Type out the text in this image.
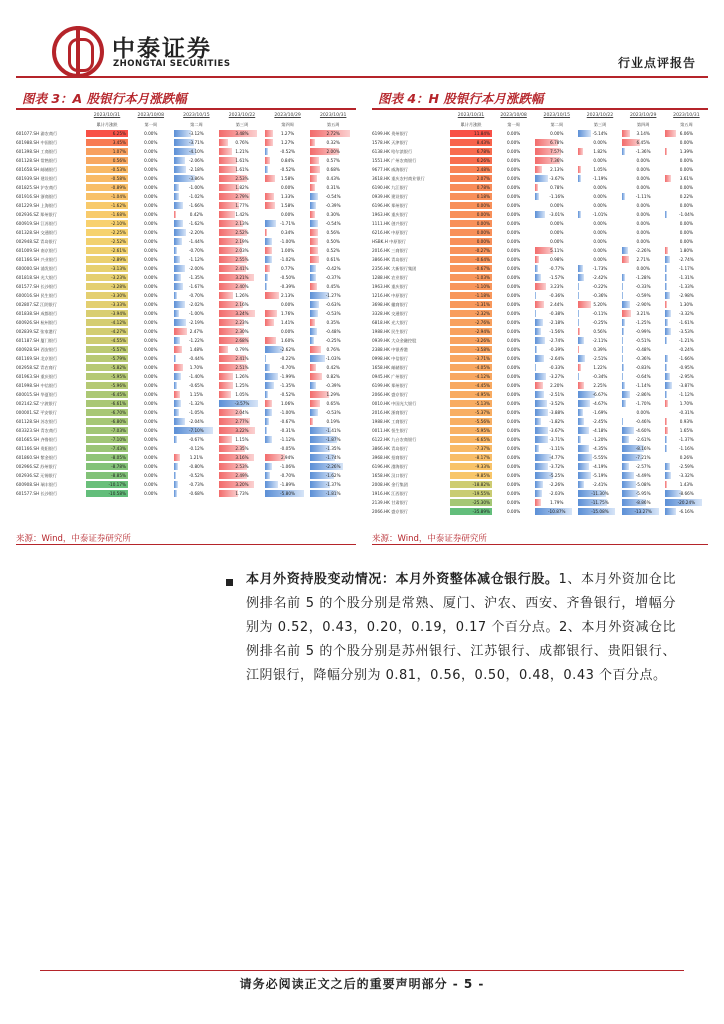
中泰证券
ZHONGTAI SECURITIES	行业点评报告
图表 3：A 股银行本月涨跌幅
2023/10/31	2023/10/08	2023/10/15	2023/10/22	2023/10/29	2023/10/31
累计月涨跌	第一周	第二周	第三周	第四周	第五周
601077.SH 渝农商行	6.25%	0.00%	-3.12%	3.48%	1.27%	2.72%
601988.SH 中国银行	3.45%	0.00%	-3.71%	0.76%	1.27%	0.32%
601398.SH 工商银行	1.07%	0.00%	-4.10%	1.21%	-0.52%	2.00%
601128.SH 常熟银行	0.56%	0.00%	-2.06%	1.61%	0.84%	0.57%
601658.SH 邮储银行	-0.53%	0.00%	-2.18%	1.61%	-0.52%	0.68%
601939.SH 建设银行	-0.58%	0.00%	-3.86%	2.53%	1.58%	0.43%
601825.SH 沪农商行	-0.89%	0.00%	-1.00%	1.82%	0.00%	0.31%
601916.SH 浙商银行	-1.04%	0.00%	-1.02%	2.79%	1.33%	-0.54%
601229.SH 上海银行	-1.62%	0.00%	-1.66%	1.77%	1.58%	-0.39%
002936.SZ 郑州银行	-1.68%	0.00%	0.42%	1.42%	0.00%	0.30%
600919.SH 江苏银行	-2.10%	0.00%	-1.62%	2.13%	-1.71%	-0.54%
601328.SH 交通银行	-2.25%	0.00%	-2.20%	2.52%	0.34%	0.56%
002948.SZ 青岛银行	-2.52%	0.00%	-1.44%	2.19%	-1.00%	0.50%
601009.SH 南京银行	-2.61%	0.00%	-0.70%	2.03%	1.00%	0.52%
601166.SH 兴业银行	-2.89%	0.00%	-1.12%	2.55%	-1.02%	0.61%
600000.SH 浦发银行	-3.13%	0.00%	-2.00%	2.41%	0.77%	-0.42%
601818.SH 光大银行	-3.23%	0.00%	-1.35%	3.21%	-0.50%	-0.37%
601577.SH 长沙银行	-3.28%	0.00%	-1.67%	2.40%	-0.39%	0.45%
600016.SH 民生银行	-3.30%	0.00%	-0.70%	1.26%	2.13%	-1.27%
002807.SZ 江阴银行	-3.33%	0.00%	-2.02%	2.16%	0.00%	-0.63%
601838.SH 成都银行	-3.94%	0.00%	-1.00%	3.24%	1.76%	-0.53%
600926.SH 杭州银行	-4.12%	0.00%	-2.19%	2.23%	1.41%	0.35%
002839.SZ 张家港行	-4.27%	0.00%	2.47%	2.30%	0.00%	-0.48%
601187.SH 厦门银行	-4.55%	0.00%	-1.22%	2.68%	1.60%	-0.25%
600928.SH 西安银行	-5.57%	0.00%	1.48%	0.79%	-2.62%	0.76%
601169.SH 北京银行	-5.79%	0.00%	-0.44%	2.41%	-0.22%	-1.03%
002958.SZ 青农商行	-5.82%	0.00%	1.70%	2.51%	-0.70%	0.42%
601963.SH 重庆银行	-5.95%	0.00%	-1.40%	1.26%	-1.99%	0.82%
601998.SH 中信银行	-5.96%	0.00%	-0.65%	1.25%	-1.35%	-0.39%
600015.SH 华夏银行	-6.45%	0.00%	1.15%	1.05%	-0.52%	1.29%
002142.SZ 宁波银行	-6.61%	0.00%	-1.32%	-3.57%	1.06%	0.65%
000001.SZ 平安银行	-6.70%	0.00%	-1.05%	2.04%	-1.00%	-0.53%
601128.SH 苏农银行	-6.80%	0.00%	-2.04%	2.77%	-0.67%	0.19%
603323.SH 青农商行	-7.03%	0.00%	-7.10%	3.22%	-0.31%	-1.41%
601665.SH 齐鲁银行	-7.10%	0.00%	-0.67%	1.15%	-1.12%	-1.87%
601166.SH 贵阳银行	-7.43%	0.00%	-0.12%	2.35%	-0.05%	-1.35%
601860.SH 紫金银行	-8.05%	0.00%	1.21%	3.16%	2.94%	-1.74%
002966.SZ 苏州银行	-8.78%	0.00%	-0.80%	2.53%	-1.06%	-2.26%
002936.SZ 无锡银行	-8.85%	0.00%	-0.52%	2.49%	-0.70%	-1.62%
600908.SH 瑞丰银行	-10.17%	0.00%	-0.73%	3.20%	-1.89%	-1.37%
601577.SH 长沙银行	-10.58%	0.00%	-0.68%	1.73%	-5.80%	-1.81%
来源：Wind，中泰证券研究所
图表 4：H 股银行本月涨跌幅
2023/10/31	2023/10/08	2023/10/15	2023/10/22	2023/10/29	2023/10/31
累计月涨跌	第一周	第二周	第三周	第四周	第五周
6199.HK 贵州银行	11.84%	0.00%	0.00%	-5.14%	3.14%	6.06%
1578.HK 天津银行	8.43%	0.00%	6.78%	0.00%	6.45%	0.00%
6138.HK 哈尔滨银行	6.78%	0.00%	7.57%	1.82%	-1.36%	1.39%
1551.HK 广州农商银行	6.26%	0.00%	7.36%	0.00%	0.00%	0.00%
9677.HK 威海银行	2.48%	0.00%	2.13%	1.05%	0.00%	0.00%
3618.HK 重庆农村商业银行	2.07%	0.00%	-3.67%	-1.19%	0.00%	3.61%
6190.HK 九江银行	0.78%	0.00%	0.78%	0.00%	0.00%	0.00%
0939.HK 建设银行	0.18%	0.00%	-1.16%	0.00%	-1.11%	0.22%
6196.HK 郑州银行	0.00%	0.00%	0.00%	0.00%	0.00%	0.00%
1963.HK 重庆银行	0.00%	0.00%	-3.01%	-1.01%	0.00%	-1.04%
1111.HK 创兴银行	0.00%	0.00%	0.00%	0.00%	0.00%	0.00%
6216.HK 中原银行	0.00%	0.00%	0.00%	0.00%	0.00%	0.00%
HSBK.H 中原银行	0.00%	0.00%	0.00%	0.00%	0.00%	0.00%
2016.HK 三商银行	-0.27%	0.00%	5.11%	0.00%	-2.26%	1.80%
3866.HK 青岛银行	-0.64%	0.00%	0.98%	0.00%	2.71%	-2.74%
2356.HK 大新银行集团	-0.67%	0.00%	-0.77%	-1.73%	0.00%	-1.17%
1288.HK 农业银行	-1.03%	0.00%	-1.57%	-2.42%	-1.28%	-1.31%
1963.HK 重庆银行	-1.10%	0.00%	3.23%	-0.22%	-0.33%	-1.33%
1216.HK 中原银行	-1.18%	0.00%	-0.36%	-0.36%	-0.59%	-2.98%
3698.HK 徽商银行	-1.31%	0.00%	2.44%	5.20%	-2.90%	1.30%
3328.HK 交通银行	-2.32%	0.00%	-0.38%	-0.11%	3.21%	-3.32%
6818.HK 光大银行	-2.76%	0.00%	-2.18%	-0.25%	-1.25%	-1.61%
1988.HK 民生银行	-2.94%	0.00%	-1.56%	0.56%	-0.99%	-3.53%
0939.HK 大众金融控股	-3.26%	0.00%	-2.74%	-2.11%	-0.51%	-1.21%
2388.HK 中银香港	-3.58%	0.00%	-0.39%	0.39%	-0.48%	-0.24%
0998.HK 中信银行	-3.71%	0.00%	-2.64%	-2.51%	-0.36%	-1.66%
1658.HK 邮储银行	-4.05%	0.00%	-0.33%	1.22%	-0.83%	-0.95%
0945.HK 广州银行	-4.12%	0.00%	-3.27%	-0.34%	-0.64%	-2.95%
6199.HK 郑州银行	-4.45%	0.00%	2.20%	2.25%	-1.14%	-3.87%
2066.HK 盛京银行	-4.95%	0.00%	-2.51%	-6.67%	-2.86%	-1.12%
0010.HK 中国光大银行	-5.13%	0.00%	-3.52%	-4.67%	-1.70%	1.70%
2016.HK 浙商银行	-5.37%	0.00%	-3.88%	-1.69%	0.00%	-0.31%
1988.HK 工商银行	-5.56%	0.00%	-1.82%	-2.45%	-0.46%	0.93%
0011.HK 恒生银行	-5.95%	0.00%	-3.67%	-4.18%	-4.60%	1.65%
6122.HK 九台农商银行	-6.65%	0.00%	-3.71%	-1.20%	-2.61%	-1.37%
3866.HK 青岛银行	-7.37%	0.00%	-1.11%	-4.35%	-8.16%	-1.16%
3968.HK 招商银行	-8.17%	0.00%	-4.77%	-5.55%	-7.21%	0.26%
6196.HK 渤海银行	-9.33%	0.00%	-3.72%	-4.19%	-2.57%	-2.59%
1658.HK 汉口银行	-9.85%	0.00%	-5.25%	-5.19%	-4.49%	-3.32%
2008.HK 金行集团	-18.82%	0.00%	-2.26%	-2.41%	-5.08%	1.43%
1916.HK 江西银行	-19.55%	0.00%	-2.03%	-11.30%	-5.95%	-8.66%
2139.HK 甘肃银行	-25.30%	0.00%	1.79%	-11.75%	-8.86%	-20.24%
2066.HK 盛京银行	-35.89%	0.00%	-10.87%	-15.08%	-13.27%	-6.16%
来源：Wind，中泰证券研究所
本月外资持股变动情况：本月外资整体减仓银行股。1、本月外资加仓比例排名前 5 的个股分别是常熟、厦门、沪农、西安、齐鲁银行，增幅分别为 0.52，0.43，0.20，0.19，0.17 个百分点。2、本月外资减仓比例排名前 5 的个股分别是苏州银行、江苏银行、成都银行、贵阳银行、江阴银行，降幅分别为 0.81，0.56，0.50，0.48，0.43 个百分点。
请务必阅读正文之后的重要声明部分 - 5 -
